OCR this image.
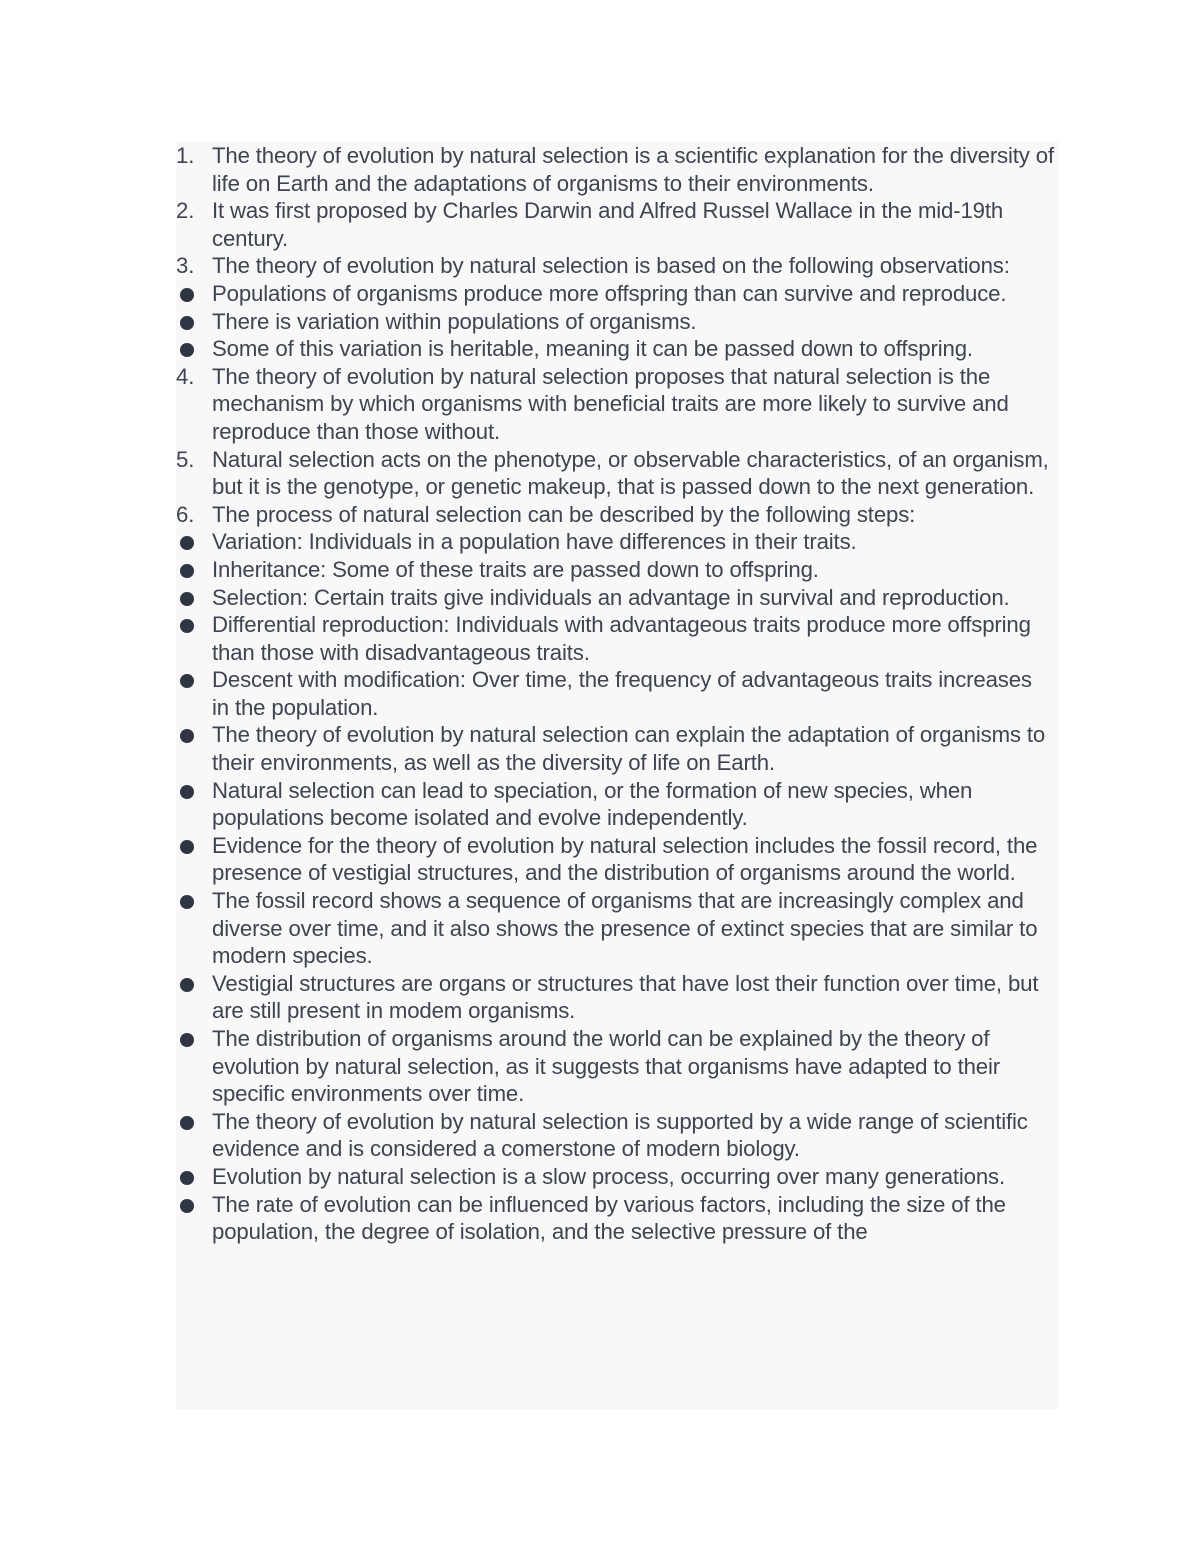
1. The theory of evolution by natural selection is a scientific explanation for the diversity of life on Earth and the adaptations of organisms to their environments.
2. It was first proposed by Charles Darwin and Alfred Russel Wallace in the mid-19th century.
3. The theory of evolution by natural selection is based on the following observations:
Populations of organisms produce more offspring than can survive and reproduce.
There is variation within populations of organisms.
Some of this variation is heritable, meaning it can be passed down to offspring.
4. The theory of evolution by natural selection proposes that natural selection is the mechanism by which organisms with beneficial traits are more likely to survive and reproduce than those without.
5. Natural selection acts on the phenotype, or observable characteristics, of an organism, but it is the genotype, or genetic makeup, that is passed down to the next generation.
6. The process of natural selection can be described by the following steps:
Variation: Individuals in a population have differences in their traits.
Inheritance: Some of these traits are passed down to offspring.
Selection: Certain traits give individuals an advantage in survival and reproduction.
Differential reproduction: Individuals with advantageous traits produce more offspring than those with disadvantageous traits.
Descent with modification: Over time, the frequency of advantageous traits increases in the population.
The theory of evolution by natural selection can explain the adaptation of organisms to their environments, as well as the diversity of life on Earth.
Natural selection can lead to speciation, or the formation of new species, when populations become isolated and evolve independently.
Evidence for the theory of evolution by natural selection includes the fossil record, the presence of vestigial structures, and the distribution of organisms around the world.
The fossil record shows a sequence of organisms that are increasingly complex and diverse over time, and it also shows the presence of extinct species that are similar to modern species.
Vestigial structures are organs or structures that have lost their function over time, but are still present in modem organisms.
The distribution of organisms around the world can be explained by the theory of evolution by natural selection, as it suggests that organisms have adapted to their specific environments over time.
The theory of evolution by natural selection is supported by a wide range of scientific evidence and is considered a comerstone of modern biology.
Evolution by natural selection is a slow process, occurring over many generations.
The rate of evolution can be influenced by various factors, including the size of the population, the degree of isolation, and the selective pressure of the
